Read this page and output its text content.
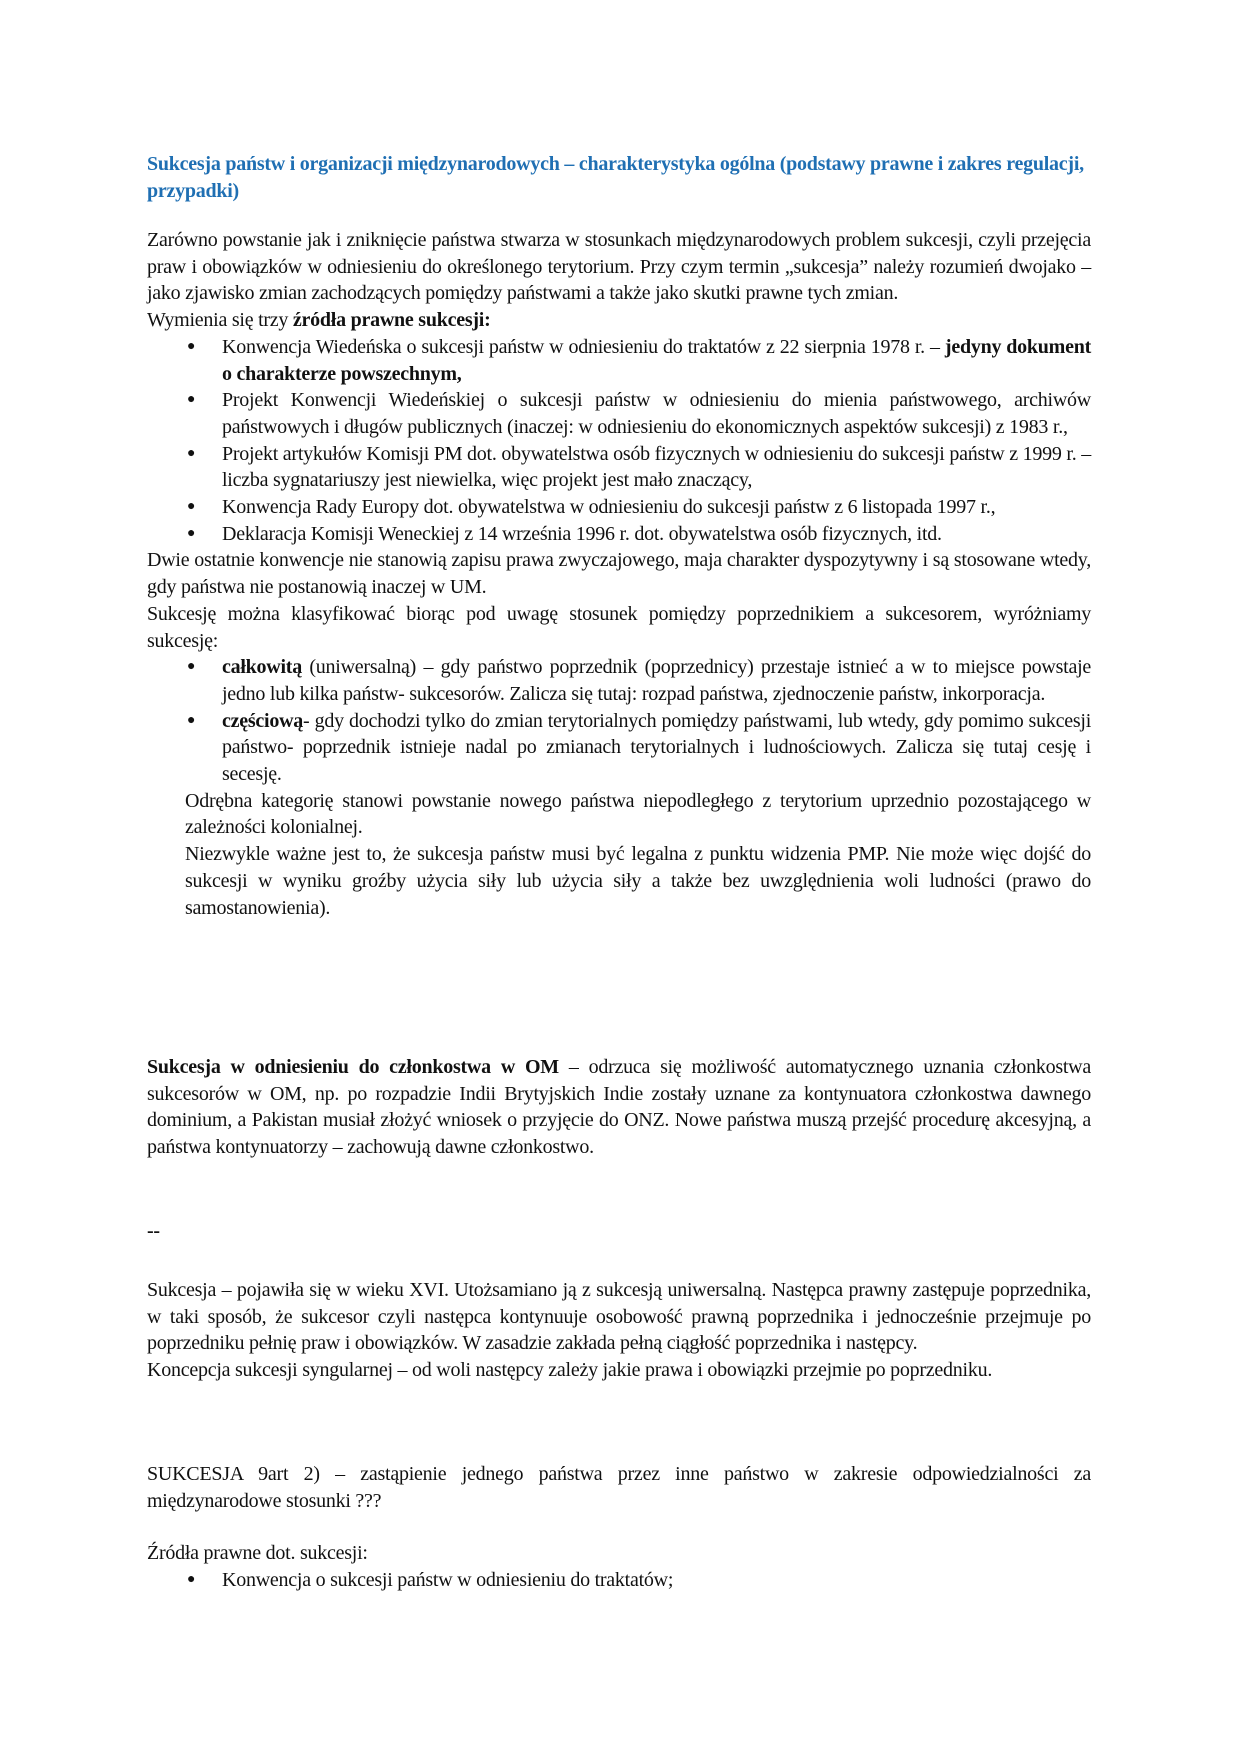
Sukcesja państw i organizacji międzynarodowych – charakterystyka ogólna (podstawy prawne i zakres regulacji, przypadki)

Zarówno powstanie jak i zniknięcie państwa stwarza w stosunkach międzynarodowych problem sukcesji, czyli przejęcia praw i obowiązków w odniesieniu do określonego terytorium. Przy czym termin „sukcesja” należy rozumień dwojako – jako zjawisko zmian zachodzących pomiędzy państwami a także jako skutki prawne tych zmian.

Wymienia się trzy źródła prawne sukcesji:

● Konwencja Wiedeńska o sukcesji państw w odniesieniu do traktatów z 22 sierpnia 1978 r. – jedyny dokument o charakterze powszechnym,
● Projekt Konwencji Wiedeńskiej o sukcesji państw w odniesieniu do mienia państwowego, archiwów państwowych i długów publicznych (inaczej: w odniesieniu do ekonomicznych aspektów sukcesji) z 1983 r.,
● Projekt artykułów Komisji PM dot. obywatelstwa osób fizycznych w odniesieniu do sukcesji państw z 1999 r. – liczba sygnatariuszy jest niewielka, więc projekt jest mało znaczący,
● Konwencja Rady Europy dot. obywatelstwa w odniesieniu do sukcesji państw z 6 listopada 1997 r.,
● Deklaracja Komisji Weneckiej z 14 września 1996 r. dot. obywatelstwa osób fizycznych, itd.

Dwie ostatnie konwencje nie stanowią zapisu prawa zwyczajowego, maja charakter dyspozytywny i są stosowane wtedy, gdy państwa nie postanowią inaczej w UM.

Sukcesję można klasyfikować biorąc pod uwagę stosunek pomiędzy poprzednikiem a sukcesorem, wyróżniamy sukcesję:

● całkowitą (uniwersalną) – gdy państwo poprzednik (poprzednicy) przestaje istnieć a w to miejsce powstaje jedno lub kilka państw- sukcesorów. Zalicza się tutaj: rozpad państwa, zjednoczenie państw, inkorporacja.
● częściową- gdy dochodzi tylko do zmian terytorialnych pomiędzy państwami, lub wtedy, gdy pomimo sukcesji państwo- poprzednik istnieje nadal po zmianach terytorialnych i ludnościowych. Zalicza się tutaj cesję i secesję.

Odrębna kategorię stanowi powstanie nowego państwa niepodległego z terytorium uprzednio pozostającego w zależności kolonialnej.

Niezwykle ważne jest to, że sukcesja państw musi być legalna z punktu widzenia PMP. Nie może więc dojść do sukcesji w wyniku groźby użycia siły lub użycia siły a także bez uwzględnienia woli ludności (prawo do samostanowienia).

Sukcesja w odniesieniu do członkostwa w OM – odrzuca się możliwość automatycznego uznania członkostwa sukcesorów w OM, np. po rozpadzie Indii Brytyjskich Indie zostały uznane za kontynuatora członkostwa dawnego dominium, a Pakistan musiał złożyć wniosek o przyjęcie do ONZ. Nowe państwa muszą przejść procedurę akcesyjną, a państwa kontynuatorzy – zachowują dawne członkostwo.

--

Sukcesja – pojawiła się w wieku XVI. Utożsamiano ją z sukcesją uniwersalną. Następca prawny zastępuje poprzednika, w taki sposób, że sukcesor czyli następca kontynuuje osobowość prawną poprzednika i jednocześnie przejmuje po poprzedniku pełnię praw i obowiązków. W zasadzie zakłada pełną ciągłość poprzednika i następcy.

Koncepcja sukcesji syngularnej – od woli następcy zależy jakie prawa i obowiązki przejmie po poprzedniku.

SUKCESJA 9art 2) – zastąpienie jednego państwa przez inne państwo w zakresie odpowiedzialności za międzynarodowe stosunki ???

Źródła prawne dot. sukcesji:

● Konwencja o sukcesji państw w odniesieniu do traktatów;
